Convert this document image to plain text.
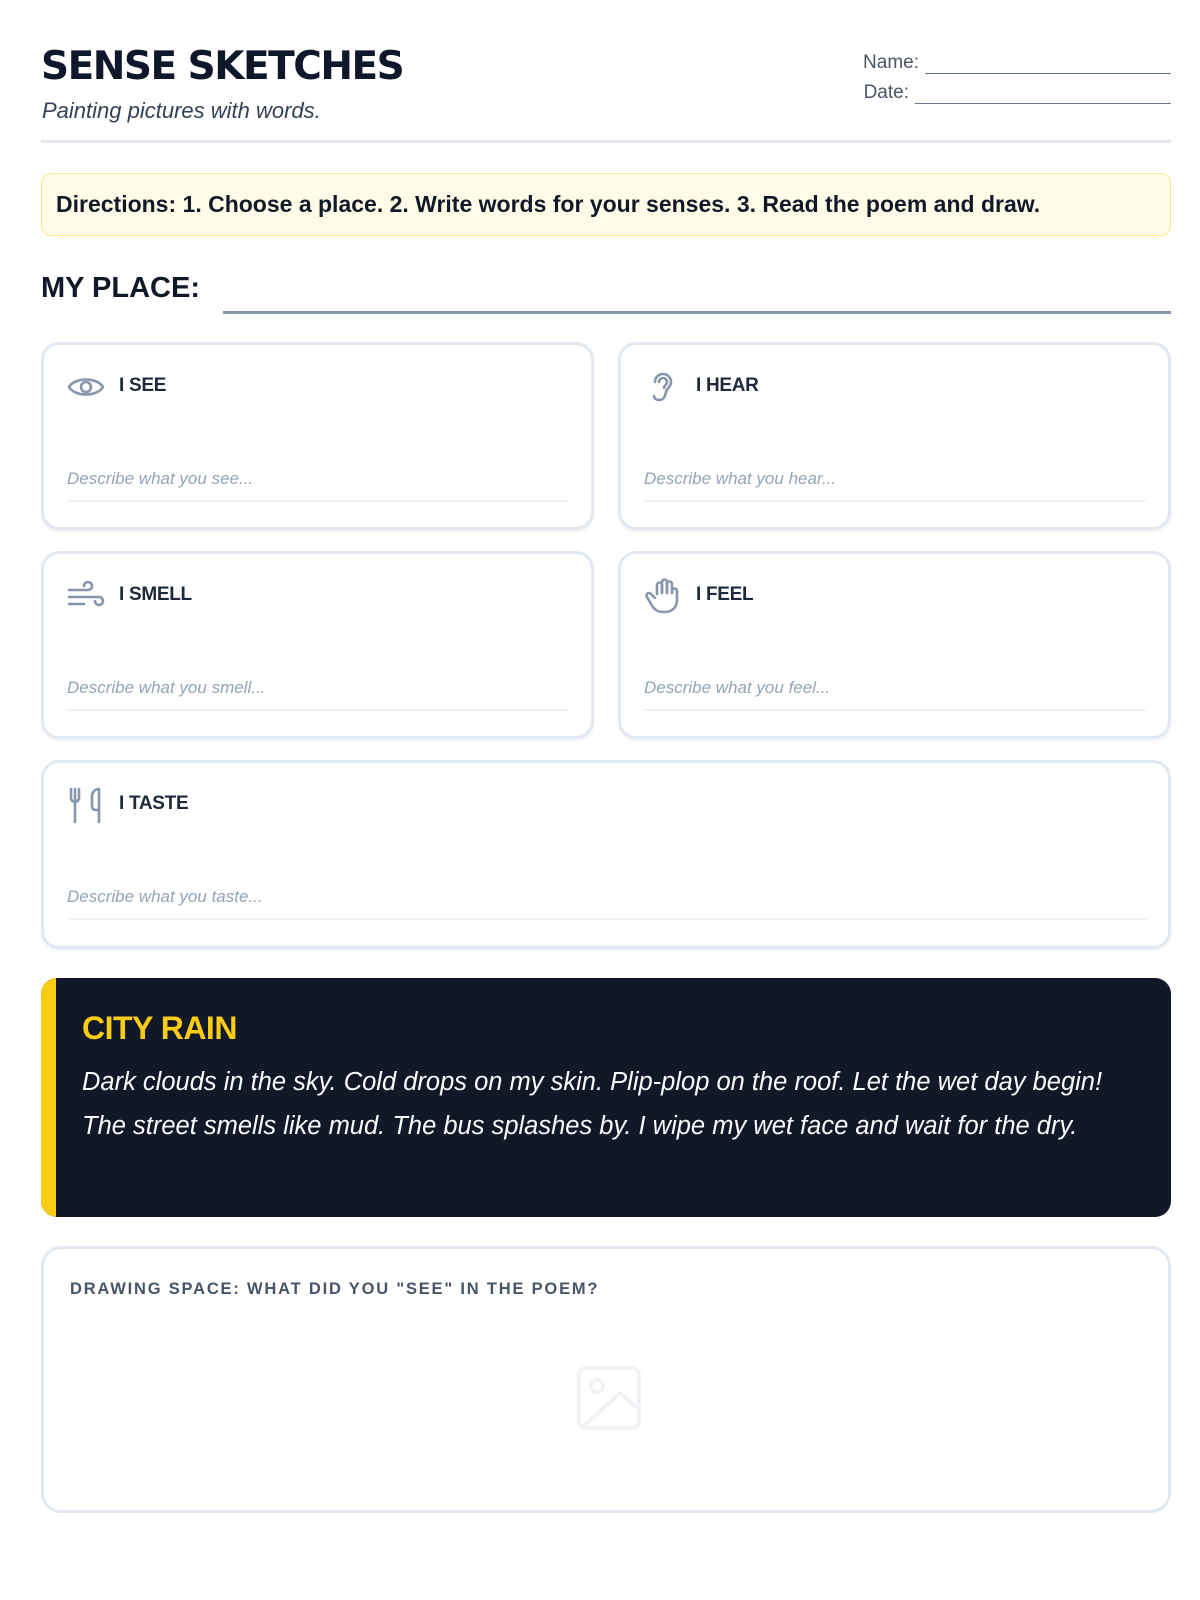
SENSE SKETCHES
Painting pictures with words.
Name:
Date:
Directions: 1. Choose a place. 2. Write words for your senses. 3. Read the poem and draw.
MY PLACE:
I SEE
Describe what you see...
I HEAR
Describe what you hear...
I SMELL
Describe what you smell...
I FEEL
Describe what you feel...
I TASTE
Describe what you taste...
CITY RAIN
Dark clouds in the sky. Cold drops on my skin. Plip-plop on the roof. Let the wet day begin!
The street smells like mud. The bus splashes by. I wipe my wet face and wait for the dry.
DRAWING SPACE: WHAT DID YOU "SEE" IN THE POEM?
